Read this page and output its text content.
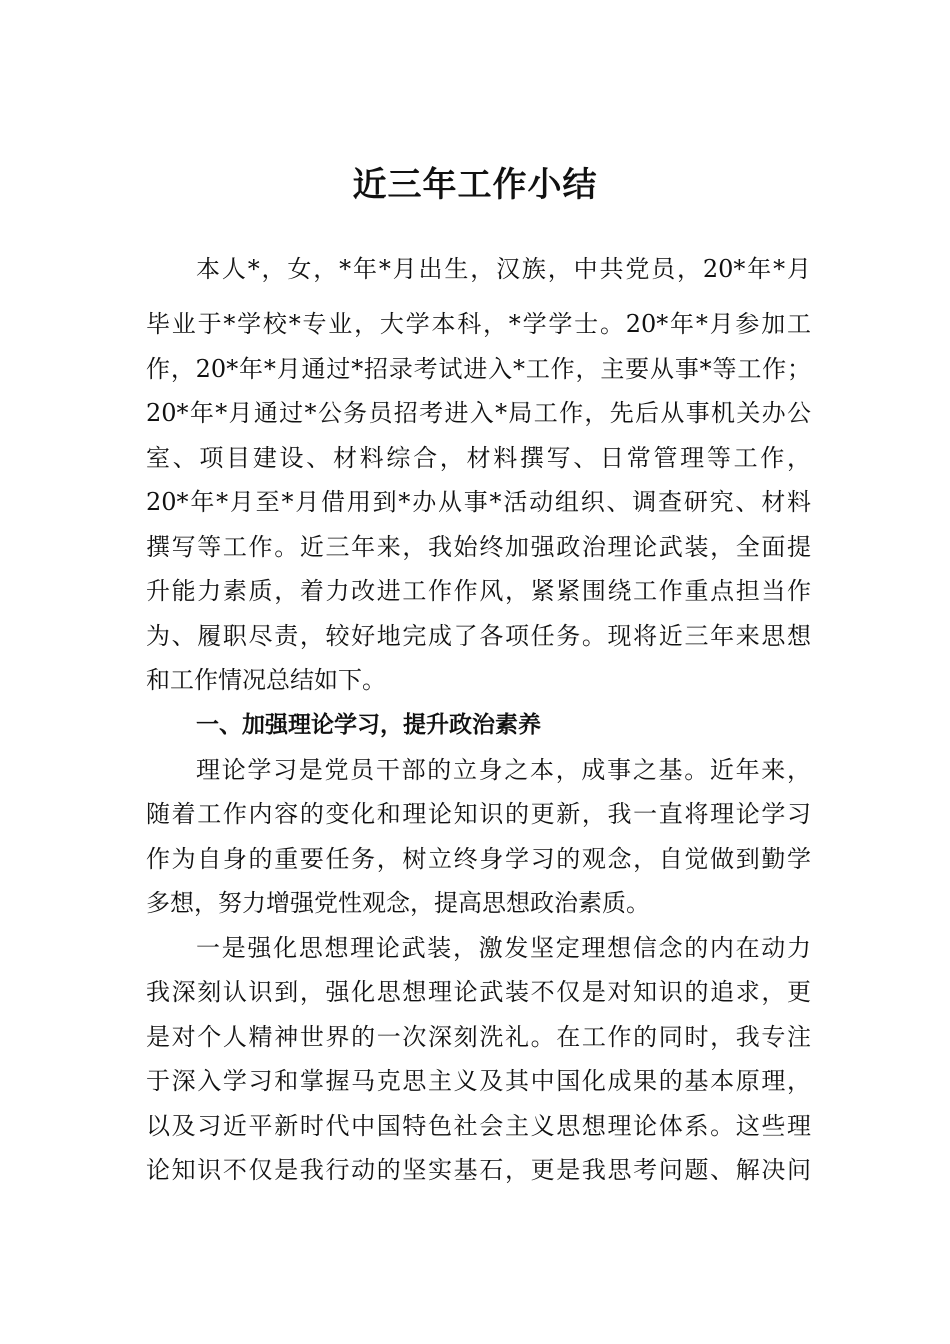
近三年工作小结
本人*，女，*年*月出生，汉族，中共党员，20*年*月
毕业于*学校*专业，大学本科，*学学士。20*年*月参加工
作，20*年*月通过*招录考试进入*工作，主要从事*等工作；
20*年*月通过*公务员招考进入*局工作，先后从事机关办公
室、项目建设、材料综合，材料撰写、日常管理等工作，
20*年*月至*月借用到*办从事*活动组织、调查研究、材料
撰写等工作。近三年来，我始终加强政治理论武装，全面提
升能力素质，着力改进工作作风，紧紧围绕工作重点担当作
为、履职尽责，较好地完成了各项任务。现将近三年来思想
和工作情况总结如下。
一、加强理论学习，提升政治素养
理论学习是党员干部的立身之本，成事之基。近年来，
随着工作内容的变化和理论知识的更新，我一直将理论学习
作为自身的重要任务，树立终身学习的观念，自觉做到勤学
多想，努力增强党性观念，提高思想政治素质。
一是强化思想理论武装，激发坚定理想信念的内在动力
我深刻认识到，强化思想理论武装不仅是对知识的追求，更
是对个人精神世界的一次深刻洗礼。在工作的同时，我专注
于深入学习和掌握马克思主义及其中国化成果的基本原理，
以及习近平新时代中国特色社会主义思想理论体系。这些理
论知识不仅是我行动的坚实基石，更是我思考问题、解决问
